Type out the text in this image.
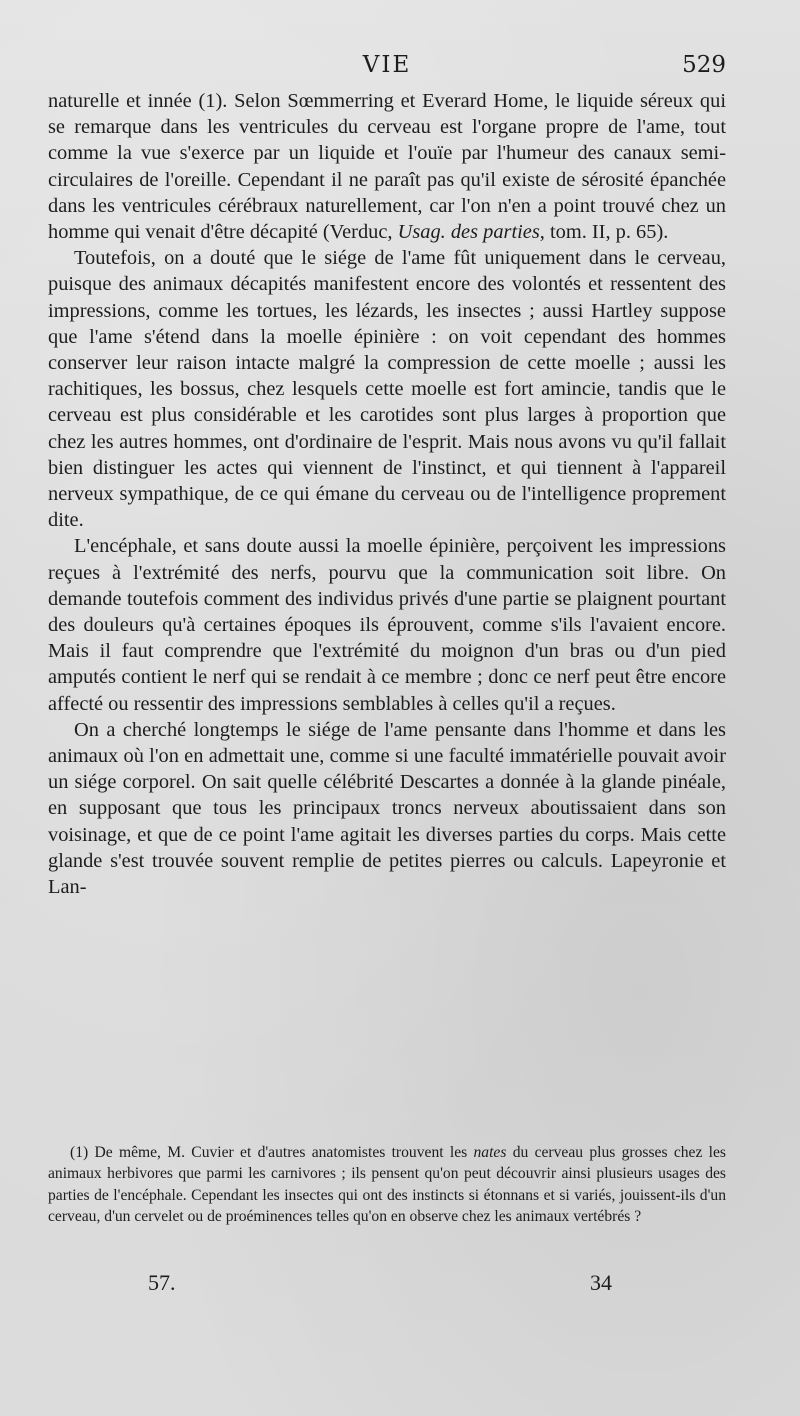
VIE	529

naturelle et innée (1). Selon Sœmmerring et Everard Home, le liquide séreux qui se remarque dans les ventricules du cerveau est l'organe propre de l'ame, tout comme la vue s'exerce par un liquide et l'ouïe par l'humeur des canaux semi-circulaires de l'oreille. Cependant il ne paraît pas qu'il existe de sérosité épanchée dans les ventricules cérébraux naturellement, car l'on n'en a point trouvé chez un homme qui venait d'être décapité (Verduc, Usag. des parties, tom. II, p. 65).

Toutefois, on a douté que le siége de l'ame fût uniquement dans le cerveau, puisque des animaux décapités manifestent encore des volontés et ressentent des impressions, comme les tortues, les lézards, les insectes ; aussi Hartley suppose que l'ame s'étend dans la moelle épinière : on voit cependant des hommes conserver leur raison intacte malgré la compression de cette moelle ; aussi les rachitiques, les bossus, chez lesquels cette moelle est fort amincie, tandis que le cerveau est plus considérable et les carotides sont plus larges à proportion que chez les autres hommes, ont d'ordinaire de l'esprit. Mais nous avons vu qu'il fallait bien distinguer les actes qui viennent de l'instinct, et qui tiennent à l'appareil nerveux sympathique, de ce qui émane du cerveau ou de l'intelligence proprement dite.

L'encéphale, et sans doute aussi la moelle épinière, perçoivent les impressions reçues à l'extrémité des nerfs, pourvu que la communication soit libre. On demande toutefois comment des individus privés d'une partie se plaignent pourtant des douleurs qu'à certaines époques ils éprouvent, comme s'ils l'avaient encore. Mais il faut comprendre que l'extrémité du moignon d'un bras ou d'un pied amputés contient le nerf qui se rendait à ce membre ; donc ce nerf peut être encore affecté ou ressentir des impressions semblables à celles qu'il a reçues.

On a cherché longtemps le siége de l'ame pensante dans l'homme et dans les animaux où l'on en admettait une, comme si une faculté immatérielle pouvait avoir un siége corporel. On sait quelle célébrité Descartes a donnée à la glande pinéale, en supposant que tous les principaux troncs nerveux aboutissaient dans son voisinage, et que de ce point l'ame agitait les diverses parties du corps. Mais cette glande s'est trouvée souvent remplie de petites pierres ou calculs. Lapeyronie et Lan-

(1) De même, M. Cuvier et d'autres anatomistes trouvent les nates du cerveau plus grosses chez les animaux herbivores que parmi les carnivores ; ils pensent qu'on peut découvrir ainsi plusieurs usages des parties de l'encéphale. Cependant les insectes qui ont des instincts si étonnans et si variés, jouissent-ils d'un cerveau, d'un cervelet ou de proéminences telles qu'on en observe chez les animaux vertébrés ?

57.	34
